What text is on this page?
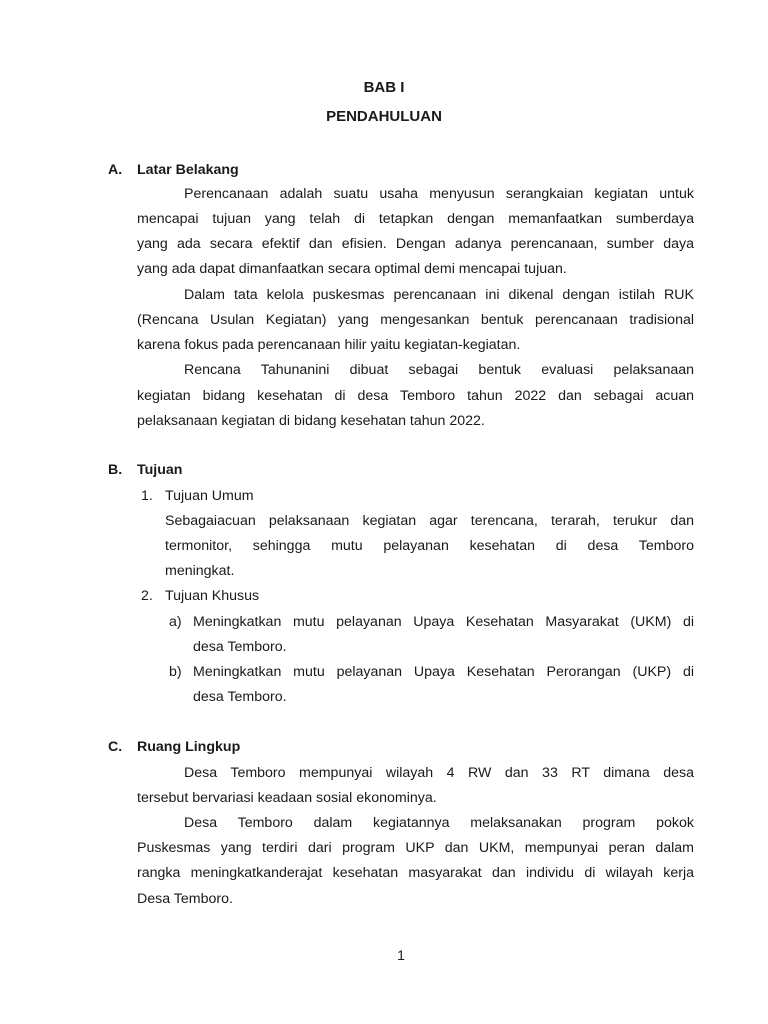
BAB I
PENDAHULUAN
A. Latar Belakang
Perencanaan adalah suatu usaha menyusun serangkaian kegiatan untuk
mencapai tujuan yang telah di tetapkan dengan memanfaatkan sumberdaya
yang ada secara efektif dan efisien. Dengan adanya perencanaan, sumber daya
yang ada dapat dimanfaatkan secara optimal demi mencapai tujuan.
Dalam tata kelola puskesmas perencanaan ini dikenal dengan istilah RUK
(Rencana Usulan Kegiatan) yang mengesankan bentuk perencanaan tradisional
karena fokus pada perencanaan hilir yaitu kegiatan-kegiatan.
Rencana Tahunanini dibuat sebagai bentuk evaluasi pelaksanaan
kegiatan bidang kesehatan di desa Temboro tahun 2022 dan sebagai acuan
pelaksanaan kegiatan di bidang kesehatan tahun 2022.
B. Tujuan
1. Tujuan Umum
Sebagaiacuan pelaksanaan kegiatan agar terencana, terarah, terukur dan
termonitor, sehingga mutu pelayanan kesehatan di desa Temboro
meningkat.
2. Tujuan Khusus
a) Meningkatkan mutu pelayanan Upaya Kesehatan Masyarakat (UKM) di
desa Temboro.
b) Meningkatkan mutu pelayanan Upaya Kesehatan Perorangan (UKP) di
desa Temboro.
C. Ruang Lingkup
Desa Temboro mempunyai wilayah 4 RW dan 33 RT dimana desa
tersebut bervariasi keadaan sosial ekonominya.
Desa Temboro dalam kegiatannya melaksanakan program pokok
Puskesmas yang terdiri dari program UKP dan UKM, mempunyai peran dalam
rangka meningkatkanderajat kesehatan masyarakat dan individu di wilayah kerja
Desa Temboro.
1
